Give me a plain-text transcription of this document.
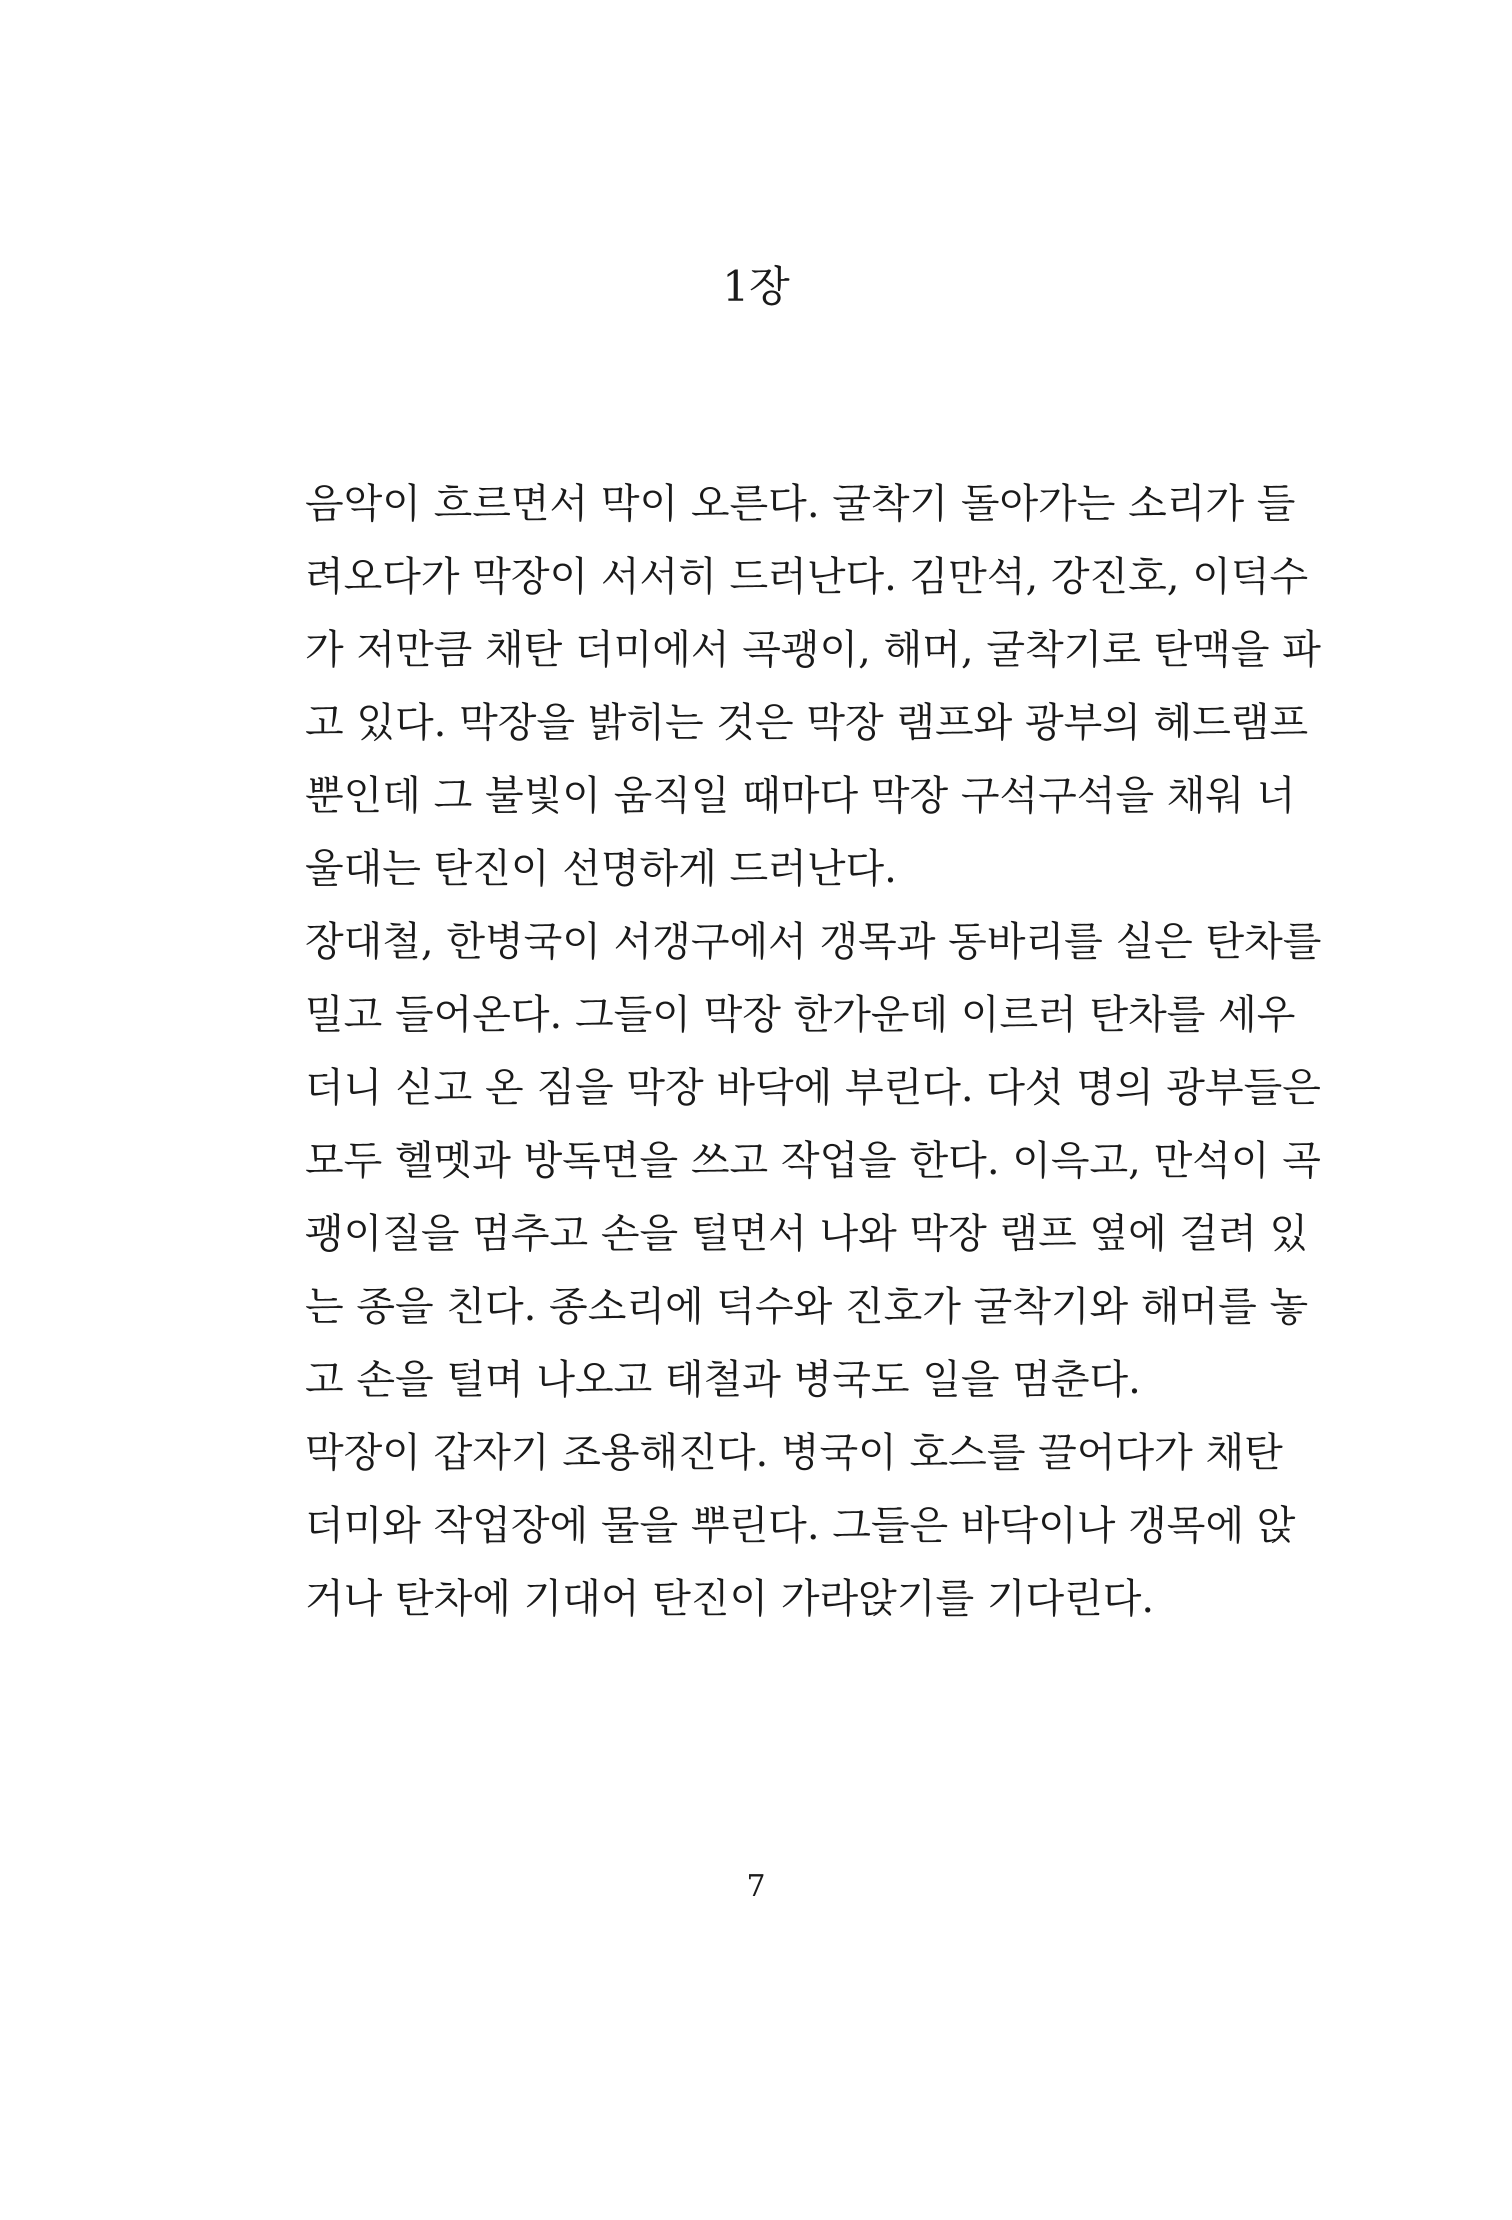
1장
음악이 흐르면서 막이 오른다. 굴착기 돌아가는 소리가 들
려오다가 막장이 서서히 드러난다. 김만석, 강진호, 이덕수
가 저만큼 채탄 더미에서 곡괭이, 해머, 굴착기로 탄맥을 파
고 있다. 막장을 밝히는 것은 막장 램프와 광부의 헤드램프
뿐인데 그 불빛이 움직일 때마다 막장 구석구석을 채워 너
울대는 탄진이 선명하게 드러난다.
장대철, 한병국이 서갱구에서 갱목과 동바리를 실은 탄차를
밀고 들어온다. 그들이 막장 한가운데 이르러 탄차를 세우
더니 싣고 온 짐을 막장 바닥에 부린다. 다섯 명의 광부들은
모두 헬멧과 방독면을 쓰고 작업을 한다. 이윽고, 만석이 곡
괭이질을 멈추고 손을 털면서 나와 막장 램프 옆에 걸려 있
는 종을 친다. 종소리에 덕수와 진호가 굴착기와 해머를 놓
고 손을 털며 나오고 태철과 병국도 일을 멈춘다.
막장이 갑자기 조용해진다. 병국이 호스를 끌어다가 채탄
더미와 작업장에 물을 뿌린다. 그들은 바닥이나 갱목에 앉
거나 탄차에 기대어 탄진이 가라앉기를 기다린다.
7
